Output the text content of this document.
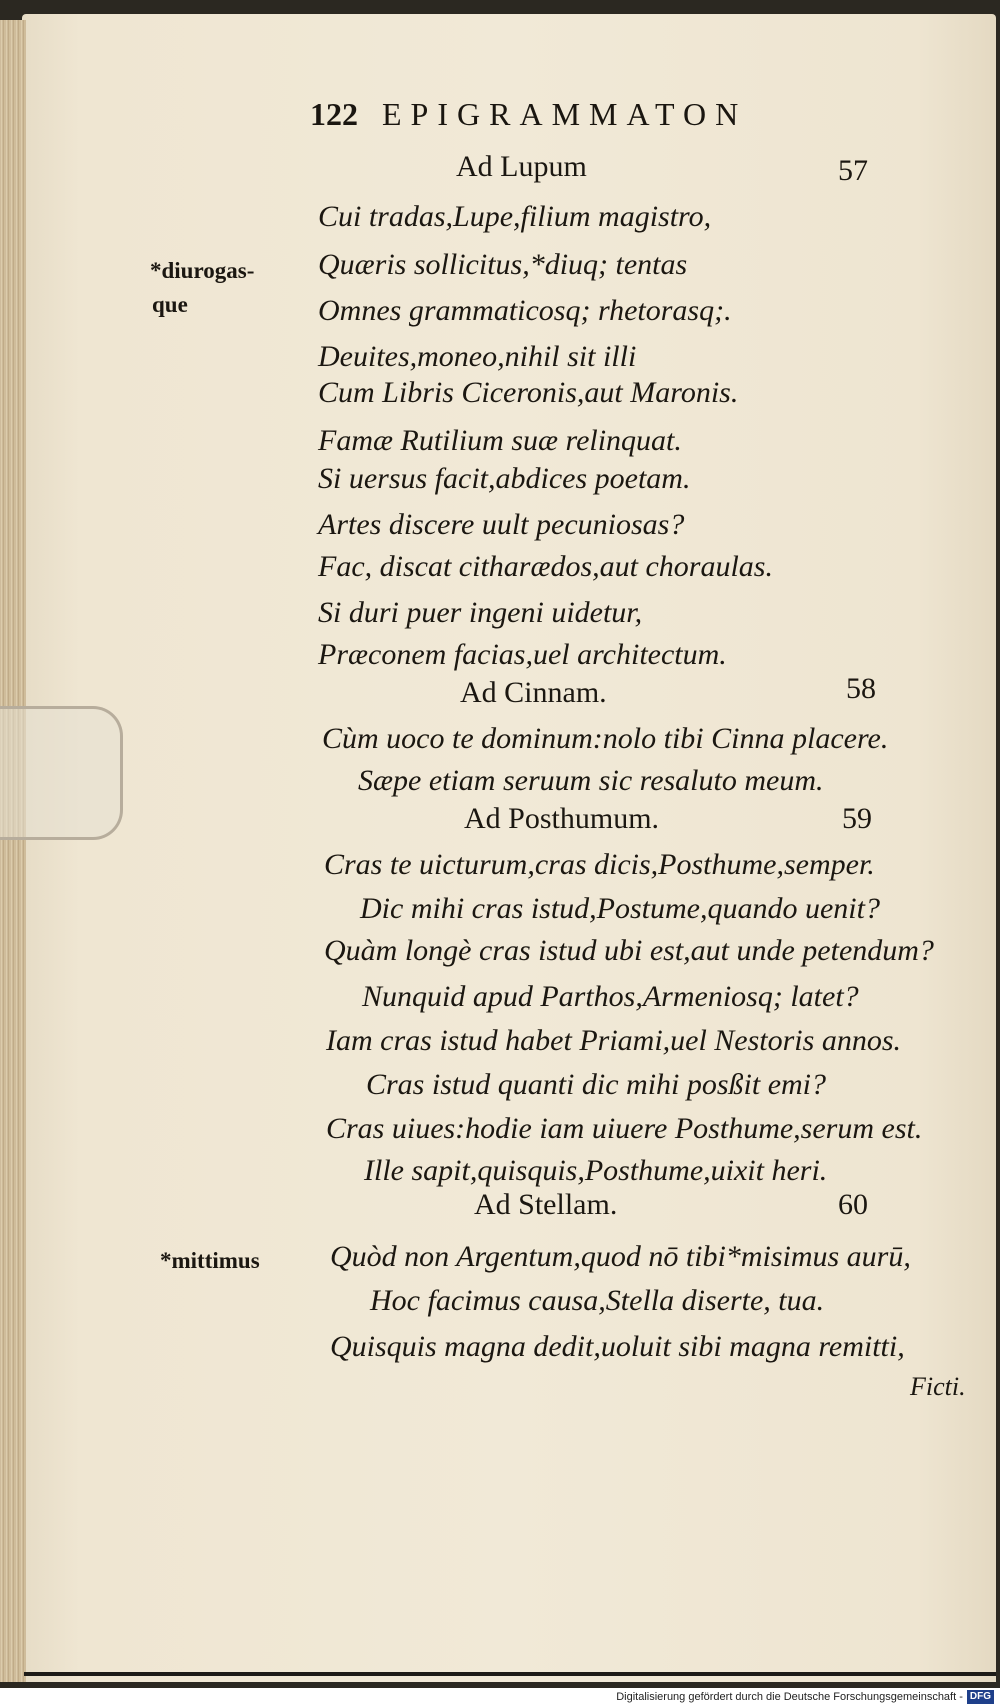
122 EPIGRAMMATON
Ad Lupum	57
Cui tradas,Lupe,filium magistro,
Quæris sollicitus,*diuq; tentas
Omnes grammaticosq; rhetorasq;.
Deuites,moneo,nihil sit illi
Cum Libris Ciceronis,aut Maronis.
Famæ Rutilium suæ relinquat.
Si uersus facit,abdices poetam.
Artes discere uult pecuniosas?
Fac, discat citharædos,aut choraulas.
Si duri puer ingeni uidetur,
Præconem facias,uel architectum.
Ad Cinnam.	58
Cùm uoco te dominum:nolo tibi Cinna placere.
Sæpe etiam seruum sic resaluto meum.
Ad Posthumum.	59
Cras te uicturum,cras dicis,Posthume,semper.
Dic mihi cras istud,Postume,quando uenit?
Quàm longè cras istud ubi est,aut unde petendum?
Nunquid apud Parthos,Armeniosq; latet?
Iam cras istud habet Priami,uel Nestoris annos.
Cras istud quanti dic mihi posßit emi?
Cras uiues:hodie iam uiuere Posthume,serum est.
Ille sapit,quisquis,Posthume,uixit heri.
Ad Stellam.	60
Quòd non Argentum,quod nō tibi*misimus aurū,
Hoc facimus causa,Stella diserte, tua.
Quisquis magna dedit,uoluit sibi magna remitti,
*diurogas-
que
*mittimus
Ficti.
Digitalisierung gefördert durch die Deutsche Forschungsgemeinschaft - DFG
